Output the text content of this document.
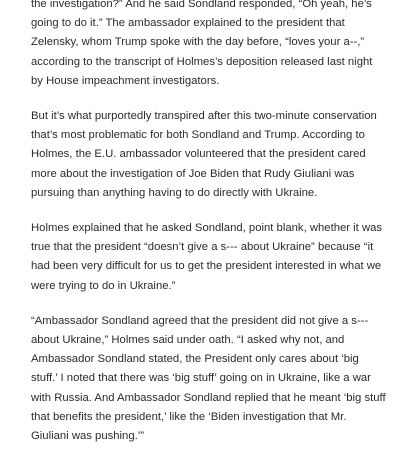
the investigation?” And he said Sondland responded, “Oh yeah, he’s
going to do it.” The ambassador explained to the president that
Zelensky, whom Trump spoke with the day before, “loves your a--,”
according to the transcript of Holmes’s deposition released last night
by House impeachment investigators.

But it’s what purportedly transpired after this two-minute conservation
that’s most problematic for both Sondland and Trump. According to
Holmes, the E.U. ambassador volunteered that the president cared
more about the investigation of Joe Biden that Rudy Giuliani was
pursuing than anything having to do directly with Ukraine.

Holmes explained that he asked Sondland, point blank, whether it was
true that the president “doesn’t give a s--- about Ukraine” because “it
had been very difficult for us to get the president interested in what we
were trying to do in Ukraine.”

“Ambassador Sondland agreed that the president did not give a s---
about Ukraine,” Holmes said under oath. “I asked why not, and
Ambassador Sondland stated, the President only cares about ‘big
stuff.’ I noted that there was ‘big stuff’ going on in Ukraine, like a war
with Russia. And Ambassador Sondland replied that he meant ‘big stuff
that benefits the president,’ like the ‘Biden investigation that Mr.
Giuliani was pushing.’”
